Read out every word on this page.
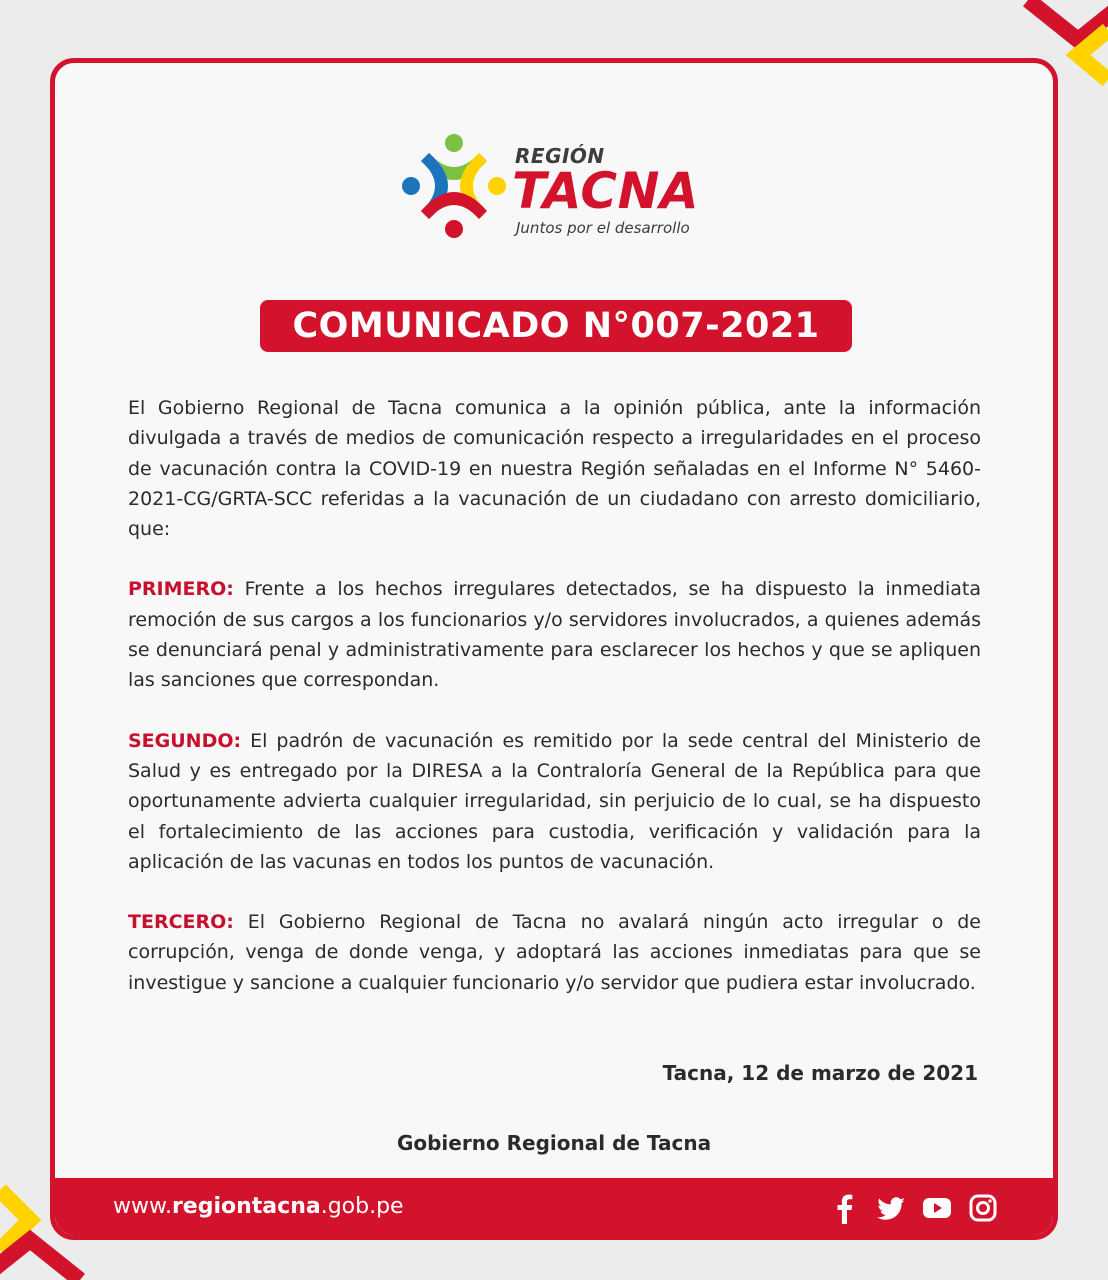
REGIÓN
TACNA
Juntos por el desarrollo
COMUNICADO N°007-2021

El Gobierno Regional de Tacna comunica a la opinión pública, ante la información divulgada a través de medios de comunicación respecto a irregularidades en el proceso de vacunación contra la COVID-19 en nuestra Región señaladas en el Informe N° 5460-2021-CG/GRTA-SCC referidas a la vacunación de un ciudadano con arresto domiciliario, que:

PRIMERO: Frente a los hechos irregulares detectados, se ha dispuesto la inmediata remoción de sus cargos a los funcionarios y/o servidores involucrados, a quienes además se denunciará penal y administrativamente para esclarecer los hechos y que se apliquen las sanciones que correspondan.

SEGUNDO: El padrón de vacunación es remitido por la sede central del Ministerio de Salud y es entregado por la DIRESA a la Contraloría General de la República para que oportunamente advierta cualquier irregularidad, sin perjuicio de lo cual, se ha dispuesto el fortalecimiento de las acciones para custodia, verificación y validación para la aplicación de las vacunas en todos los puntos de vacunación.

TERCERO: El Gobierno Regional de Tacna no avalará ningún acto irregular o de corrupción, venga de donde venga, y adoptará las acciones inmediatas para que se investigue y sancione a cualquier funcionario y/o servidor que pudiera estar involucrado.

Tacna, 12 de marzo de 2021
Gobierno Regional de Tacna
www.regiontacna.gob.pe
